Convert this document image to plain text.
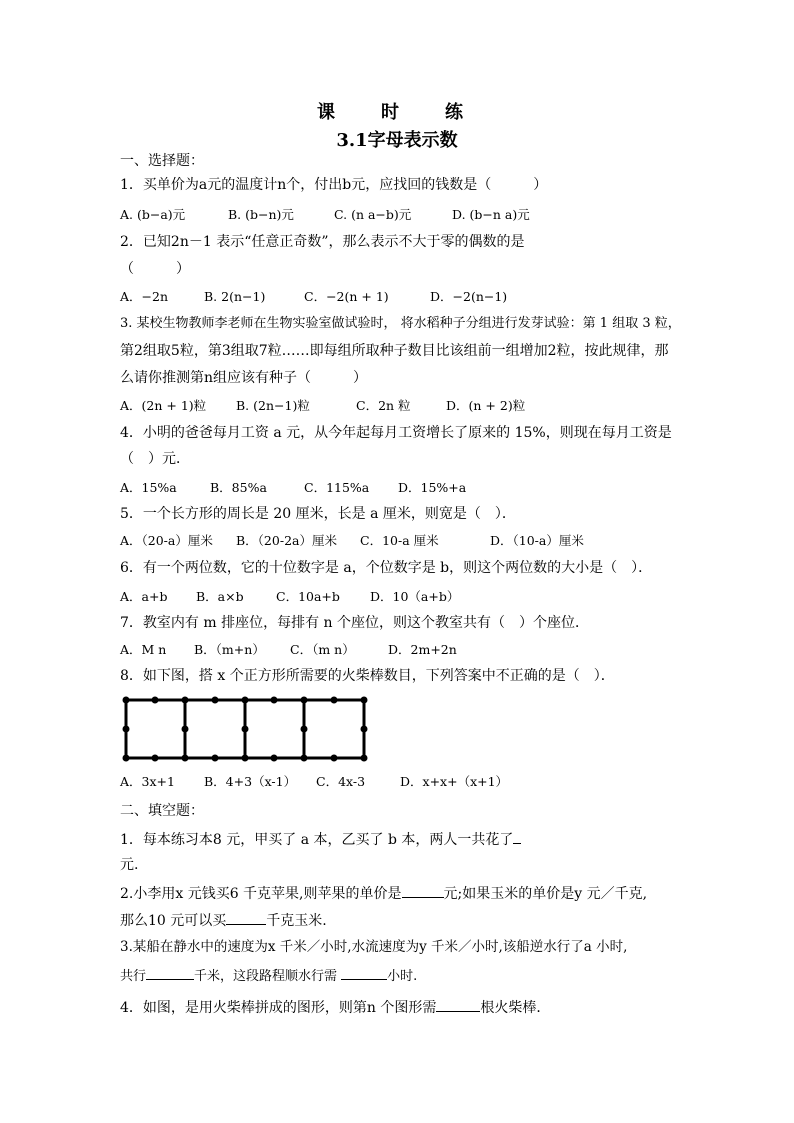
课　时　练
3.1字母表示数
一、选择题：
1．买单价为a元的温度计n个，付出b元，应找回的钱数是（　　　）
A. (b−a)元	B. (b−n)元	C. (n a−b)元	D. (b−n a)元
2．已知2n－1 表示“任意正奇数”，那么表示不大于零的偶数的是
（　　　）
A．−2n	B. 2(n−1)	C．−2(n + 1)	D．−2(n−1)
3. 某校生物教师李老师在生物实验室做试验时， 将水稻种子分组进行发芽试验：第 1 组取 3 粒，
第2组取5粒，第3组取7粒……即每组所取种子数目比该组前一组增加2粒，按此规律，那
么请你推测第n组应该有种子（　　　）
A．(2n + 1)粒 B. (2n−1)粒	C．2n 粒	D．(n + 2)粒
4．小明的爸爸每月工资 a 元，从今年起每月工资增长了原来的 15%，则现在每月工资是
（　）元．
A．15%a	B．85%a	C．115%a D．15%+a
5．一个长方形的周长是 20 厘米，长是 a 厘米，则宽是（　）．
A．（20-a）厘米 B．（20-2a）厘米 C．10-a 厘米	D．（10-a）厘米
6．有一个两位数，它的十位数字是 a，个位数字是 b，则这个两位数的大小是（　）．
A．a+b B．a×b	C．10a+b D．10（a+b）
7．教室内有 m 排座位，每排有 n 个座位，则这个教室共有（　）个座位．
A．M n B．（m+n） C．（m n）	D．2m+2n
8．如下图，搭 x 个正方形所需要的火柴棒数目，下列答案中不正确的是（　）．
A．3x+1 B．4+3（x-1） C．4x-3	D．x+x+（x+1）
二、填空题：
1．每本练习本8 元，甲买了 a 本，乙买了 b 本，两人一共花了
元.
2.小李用x 元钱买6 千克苹果,则苹果的单价是	元;如果玉米的单价是y 元／千克,
那么10 元可以买	千克玉米.
3.某船在静水中的速度为x 千米／小时,水流速度为y 千米／小时,该船逆水行了a 小时,
共行	千米，这段路程顺水行需	小时.
4．如图，是用火柴棒拼成的图形，则第n 个图形需	根火柴棒．
